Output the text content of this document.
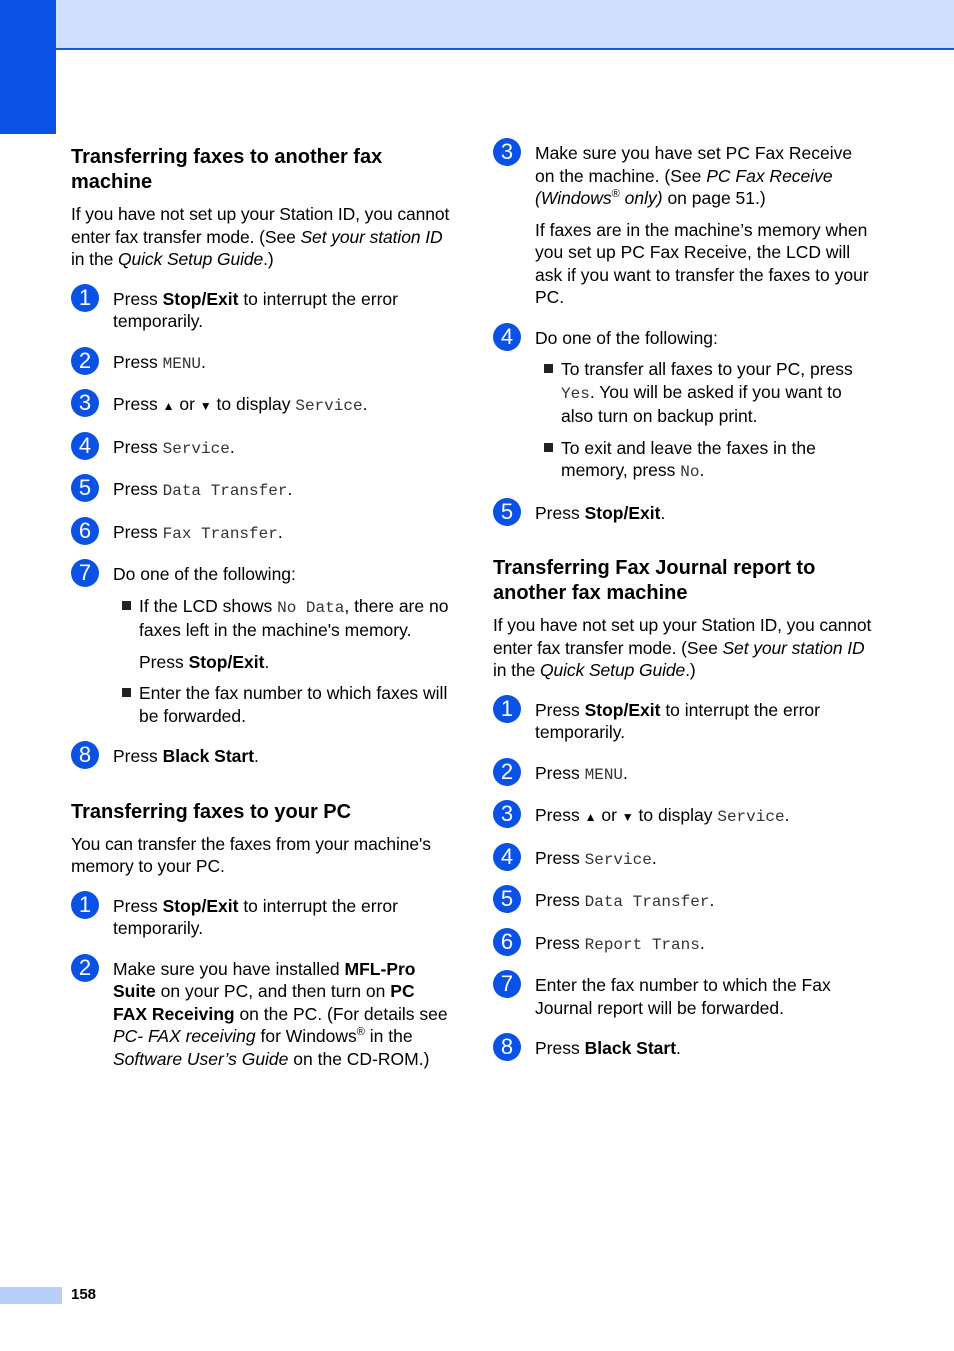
Transferring faxes to another fax machine

If you have not set up your Station ID, you cannot enter fax transfer mode. (See Set your station ID in the Quick Setup Guide.)

1	Press Stop/Exit to interrupt the error temporarily.

2	Press MENU.

3	Press ▲ or ▼ to display Service.

4	Press Service.

5	Press Data Transfer.

6	Press Fax Transfer.

7	Do one of the following:

If the LCD shows No Data, there are no faxes left in the machine's memory.

Press Stop/Exit.

Enter the fax number to which faxes will be forwarded.
8	Press Black Start.

Transferring faxes to your PC

You can transfer the faxes from your machine's memory to your PC.

1	Press Stop/Exit to interrupt the error temporarily.

2	Make sure you have installed MFL-Pro Suite on your PC, and then turn on PC FAX Receiving on the PC. (For details see PC- FAX receiving for Windows® in the Software User’s Guide on the CD-ROM.)

3	Make sure you have set PC Fax Receive on the machine. (See PC Fax Receive (Windows® only) on page 51.)

If faxes are in the machine’s memory when you set up PC Fax Receive, the LCD will ask if you want to transfer the faxes to your PC.

4	Do one of the following:

To transfer all faxes to your PC, press Yes. You will be asked if you want to also turn on backup print.
To exit and leave the faxes in the memory, press No.
5	Press Stop/Exit.

Transferring Fax Journal report to another fax machine

If you have not set up your Station ID, you cannot enter fax transfer mode. (See Set your station ID in the Quick Setup Guide.)

1	Press Stop/Exit to interrupt the error temporarily.

2	Press MENU.

3	Press ▲ or ▼ to display Service.

4	Press Service.

5	Press Data Transfer.

6	Press Report Trans.

7	Enter the fax number to which the Fax Journal report will be forwarded.

8	Press Black Start.

158
